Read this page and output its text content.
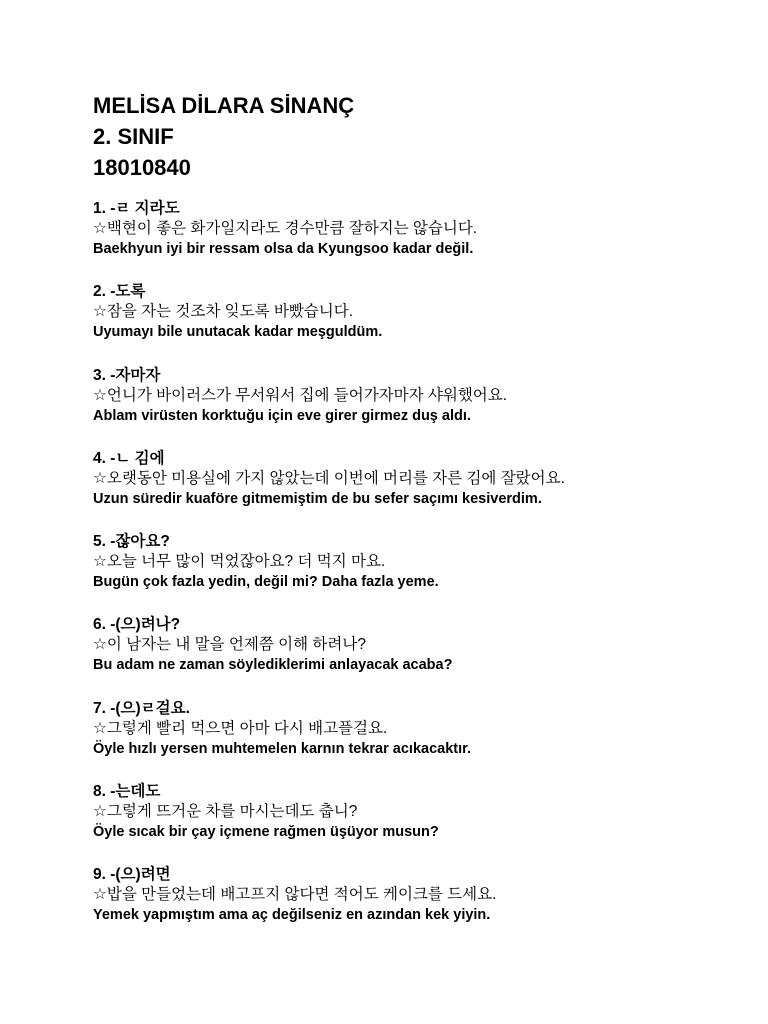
MELİSA DİLARA SİNANÇ
2. SINIF
18010840
1. -ㄹ 지라도
☆백현이 좋은 화가일지라도 경수만큼 잘하지는 않습니다.
Baekhyun iyi bir ressam olsa da Kyungsoo kadar değil.
2. -도록
☆잠을 자는 것조차 잊도록 바빴습니다.
Uyumayı bile unutacak kadar meşguldüm.
3. -자마자
☆언니가 바이러스가 무서워서 집에 들어가자마자 샤워했어요.
Ablam virüsten korktuğu için eve girer girmez duş aldı.
4. -ㄴ 김에
☆오랫동안 미용실에 가지 않았는데 이번에 머리를 자른 김에 잘랐어요.
Uzun süredir kuaföre gitmemiştim de bu sefer saçımı kesiverdim.
5. -잖아요?
☆오늘 너무 많이 먹었잖아요? 더 먹지 마요.
Bugün çok fazla yedin, değil mi? Daha fazla yeme.
6. -(으)려나?
☆이 남자는 내 말을 언제쯤 이해 하려나?
Bu adam ne zaman söylediklerimi anlayacak acaba?
7. -(으)ㄹ걸요.
☆그렇게 빨리 먹으면 아마 다시 배고플걸요.
Öyle hızlı yersen muhtemelen karnın tekrar acıkacaktır.
8. -는데도
☆그렇게 뜨거운 차를 마시는데도 춥니?
Öyle sıcak bir çay içmene rağmen üşüyor musun?
9. -(으)려면
☆밥을 만들었는데 배고프지 않다면 적어도 케이크를 드세요.
Yemek yapmıştım ama aç değilseniz en azından kek yiyin.
